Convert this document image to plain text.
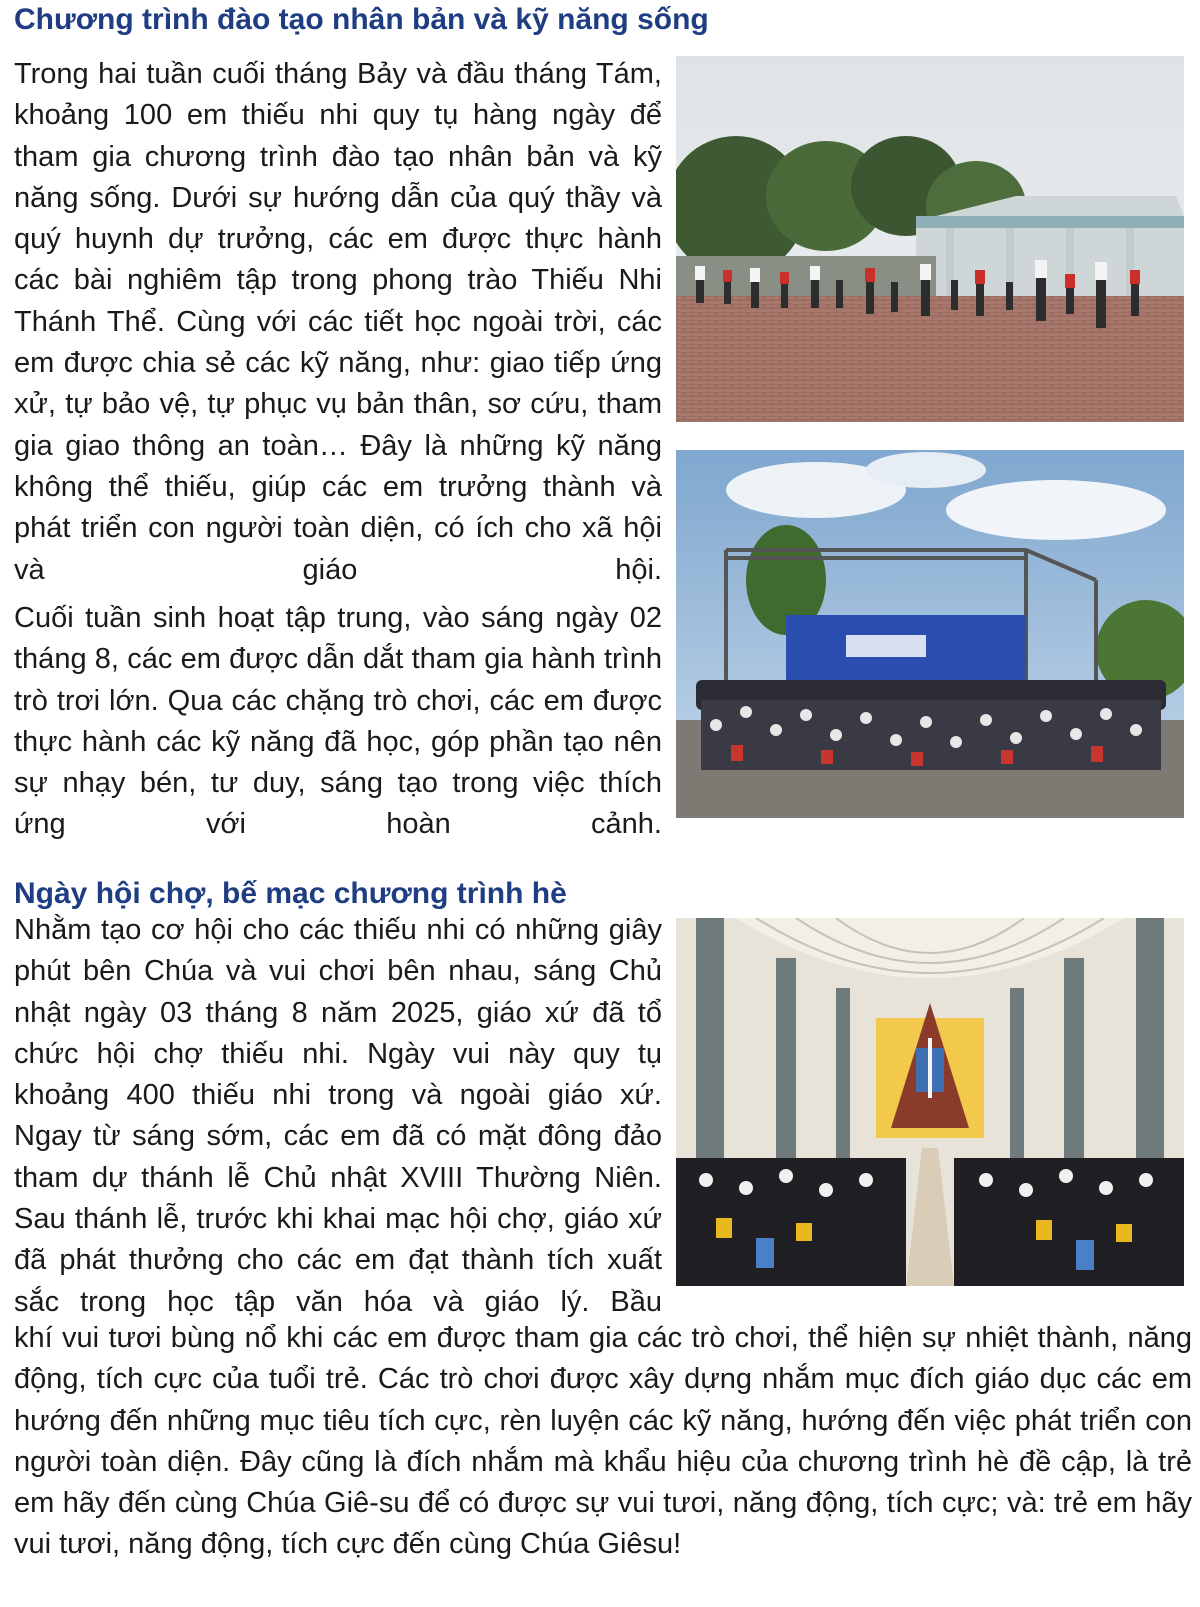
Chương trình đào tạo nhân bản và kỹ năng sống

Trong hai tuần cuối tháng Bảy và đầu tháng Tám, khoảng 100 em thiếu nhi quy tụ hàng ngày để tham gia chương trình đào tạo nhân bản và kỹ năng sống. Dưới sự hướng dẫn của quý thầy và quý huynh dự trưởng, các em được thực hành các bài nghiêm tập trong phong trào Thiếu Nhi Thánh Thể. Cùng với các tiết học ngoài trời, các em được chia sẻ các kỹ năng, như: giao tiếp ứng xử, tự bảo vệ, tự phục vụ bản thân, sơ cứu, tham gia giao thông an toàn… Đây là những kỹ năng không thể thiếu, giúp các em trưởng thành và phát triển con người toàn diện, có ích cho xã hội và giáo hội.

Cuối tuần sinh hoạt tập trung, vào sáng ngày 02 tháng 8, các em được dẫn dắt tham gia hành trình trò trơi lớn. Qua các chặng trò chơi, các em được thực hành các kỹ năng đã học, góp phần tạo nên sự nhạy bén, tư duy, sáng tạo trong việc thích ứng với hoàn cảnh.

Ngày hội chợ, bế mạc chương trình hè

Nhằm tạo cơ hội cho các thiếu nhi có những giây phút bên Chúa và vui chơi bên nhau, sáng Chủ nhật ngày 03 tháng 8 năm 2025, giáo xứ đã tổ chức hội chợ thiếu nhi. Ngày vui này quy tụ khoảng 400 thiếu nhi trong và ngoài giáo xứ. Ngay từ sáng sớm, các em đã có mặt đông đảo tham dự thánh lễ Chủ nhật XVIII Thường Niên. Sau thánh lễ, trước khi khai mạc hội chợ, giáo xứ đã phát thưởng cho các em đạt thành tích xuất sắc trong học tập văn hóa và giáo lý. Bầu

khí vui tươi bùng nổ khi các em được tham gia các trò chơi, thể hiện sự nhiệt thành, năng động, tích cực của tuổi trẻ. Các trò chơi được xây dựng nhắm mục đích giáo dục các em hướng đến những mục tiêu tích cực, rèn luyện các kỹ năng, hướng đến việc phát triển con người toàn diện. Đây cũng là đích nhắm mà khẩu hiệu của chương trình hè đề cập, là trẻ em hãy đến cùng Chúa Giê-su để có được sự vui tươi, năng động, tích cực; và: trẻ em hãy vui tươi, năng động, tích cực đến cùng Chúa Giêsu!
